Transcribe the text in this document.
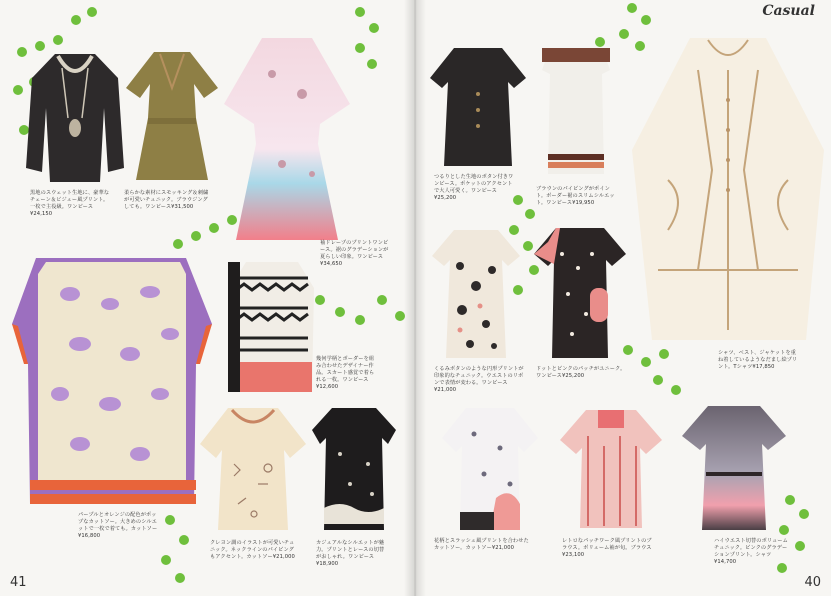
黒地のスウェット生地に、豪華なチェーン＆ビジュー風プリント。一枚で主役級。ワンピース¥24,150
柔らかな素材にスモッキング＆刺繍が可愛いチュニック。ブラウジングしても。ワンピース¥31,500
袖ドレープのプリントワンピース。裾のグラデーションが夏らしい印象。ワンピース¥34,650
幾何学柄とボーダーを組み合わせたデザイナー作品。スカート感覚で着られる一枚。ワンピース¥12,600
パープルとオレンジの配色がポップなカットソー。大きめのシルエットで一枚で着ても。カットソー¥16,800
クレヨン調のイラストが可愛いチュニック。ネックラインのパイピングもアクセント。カットソー¥21,000
カジュアルなシルエットが魅力。プリントとレースの切替がおしゃれ。ワンピース¥18,900
41
Casual
つるりとした生地のボタン付きワンピース。ポケットのアクセントで大人可愛く。ワンピース¥25,200
ブラウンのパイピングがポイント。ボーダー裾のスリムシルエット。ワンピース¥19,950
くるみボタンのような円形プリントが印象的なチュニック。ウエストのリボンで表情が変わる。ワンピース¥21,000
ドットとピンクのパッチがユニーク。ワンピース¥25,200
シャツ、ベスト、ジャケットを重ね着しているようなだまし絵プリント。Tシャツ¥17,850
花柄とスラッシュ風プリントを合わせたカットソー。カットソー¥21,000
レトロなパッチワーク風プリントのブラウス。ボリューム袖が旬。ブラウス¥23,100
ハイウエスト切替のボリュームチュニック。ピンクのグラデーションプリント。シャツ¥14,700
40
